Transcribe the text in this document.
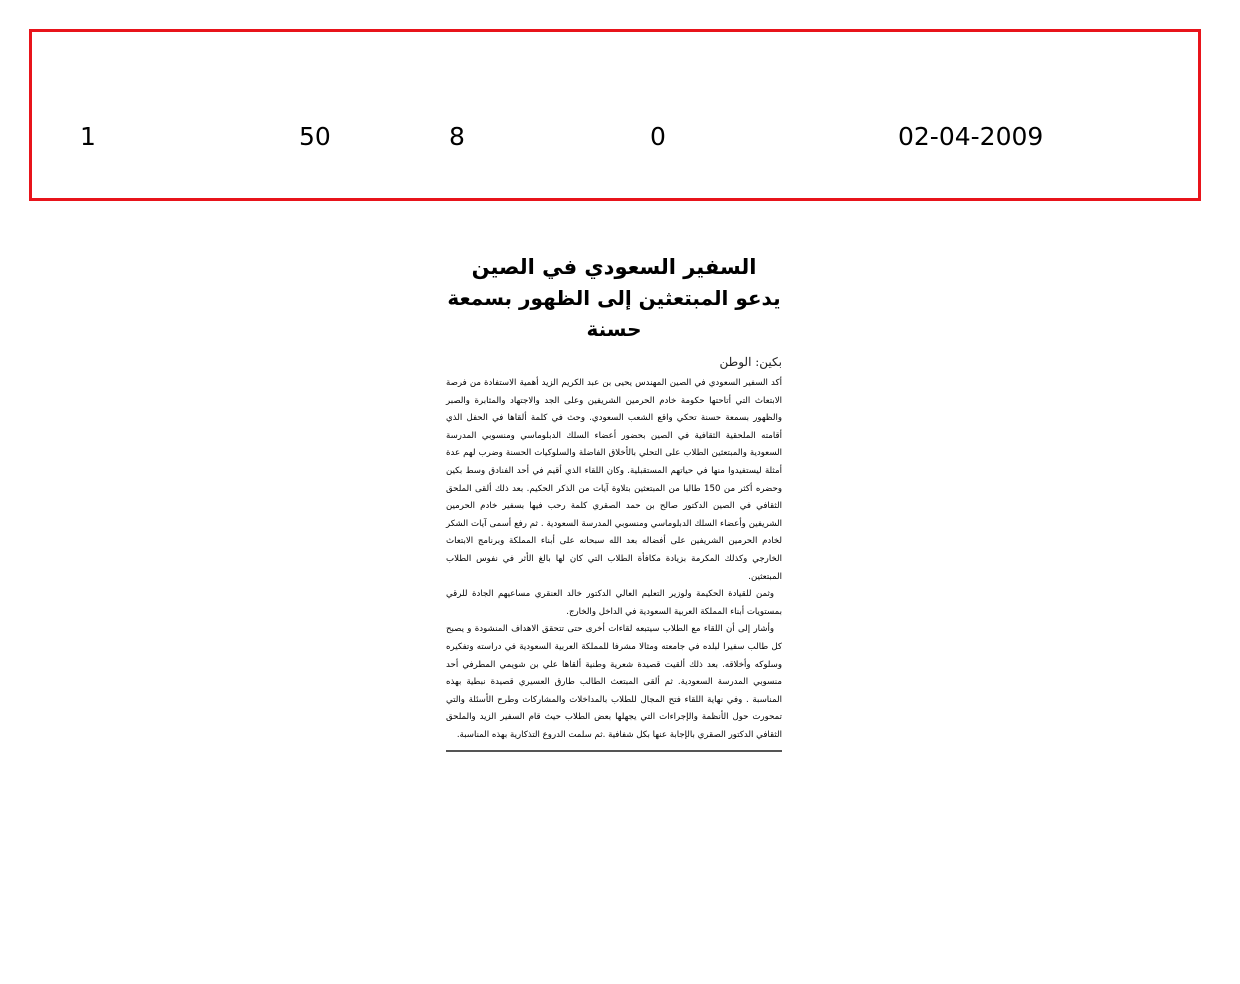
02-04-2009
0
8
50
1
السفير السعودي في الصين
يدعو المبتعثين إلى الظهور بسمعة حسنة
بكين: الوطن

أكد السفير السعودي في الصين المهندس يحيى بن عبد الكريم الزيد أهمية الاستفادة من فرصة الابتعاث التي أتاحتها حكومة خادم الحرمين الشريفين وعلى الجد والاجتهاد والمثابرة والصبر والظهور بسمعة حسنة تحكي واقع الشعب السعودي. وحث في كلمة ألقاها في الحفل الذي أقامته الملحقية الثقافية في الصين بحضور أعضاء السلك الدبلوماسي ومنسوبي المدرسة السعودية والمبتعثين الطلاب على التحلي بالأخلاق الفاضلة والسلوكيات الحسنة وضرب لهم عدة أمثلة ليستفيدوا منها في حياتهم المستقبلية. وكان اللقاء الذي أقيم في أحد الفنادق وسط بكين وحضره أكثر من 150 طالبا من المبتعثين بتلاوة آيات من الذكر الحكيم. بعد ذلك ألقى الملحق الثقافي في الصين الدكتور صالح بن حمد الصقري كلمة رحب فيها بسفير خادم الحرمين الشريفين وأعضاء السلك الدبلوماسي ومنسوبي المدرسة السعودية . ثم رفع أسمى آيات الشكر لخادم الحرمين الشريفين على أفضاله بعد الله سبحانه على أبناء المملكة وبرنامج الابتعاث الخارجي وكذلك المكرمة بزيادة مكافأة الطلاب التي كان لها بالغ الأثر في نفوس الطلاب المبتعثين.

وثمن للقيادة الحكيمة ولوزير التعليم العالي الدكتور خالد العنقري مساعيهم الجادة للرقي بمستويات أبناء المملكة العربية السعودية في الداخل والخارج.

وأشار إلى أن اللقاء مع الطلاب سيتبعه لقاءات أخرى حتى تتحقق الاهداف المنشودة و يصبح كل طالب سفيرا لبلده في جامعته ومثالا مشرفا للمملكة العربية السعودية في دراسته وتفكيره وسلوكه وأخلاقه. بعد ذلك ألقيت قصيدة شعرية وطنية ألقاها علي بن شويمي المطرفي أحد منسوبي المدرسة السعودية. ثم ألقى المبتعث الطالب طارق العسيري قصيدة نبطية بهذه المناسبة . وفي نهاية اللقاء فتح المجال للطلاب بالمداخلات والمشاركات وطرح الأسئلة والتي تمحورت حول الأنظمة والإجراءات التي يجهلها بعض الطلاب حيث قام السفير الزيد والملحق الثقافي الدكتور الصقري بالإجابة عنها بكل شفافية .ثم سلمت الدروع التذكارية بهذه المناسبة.
